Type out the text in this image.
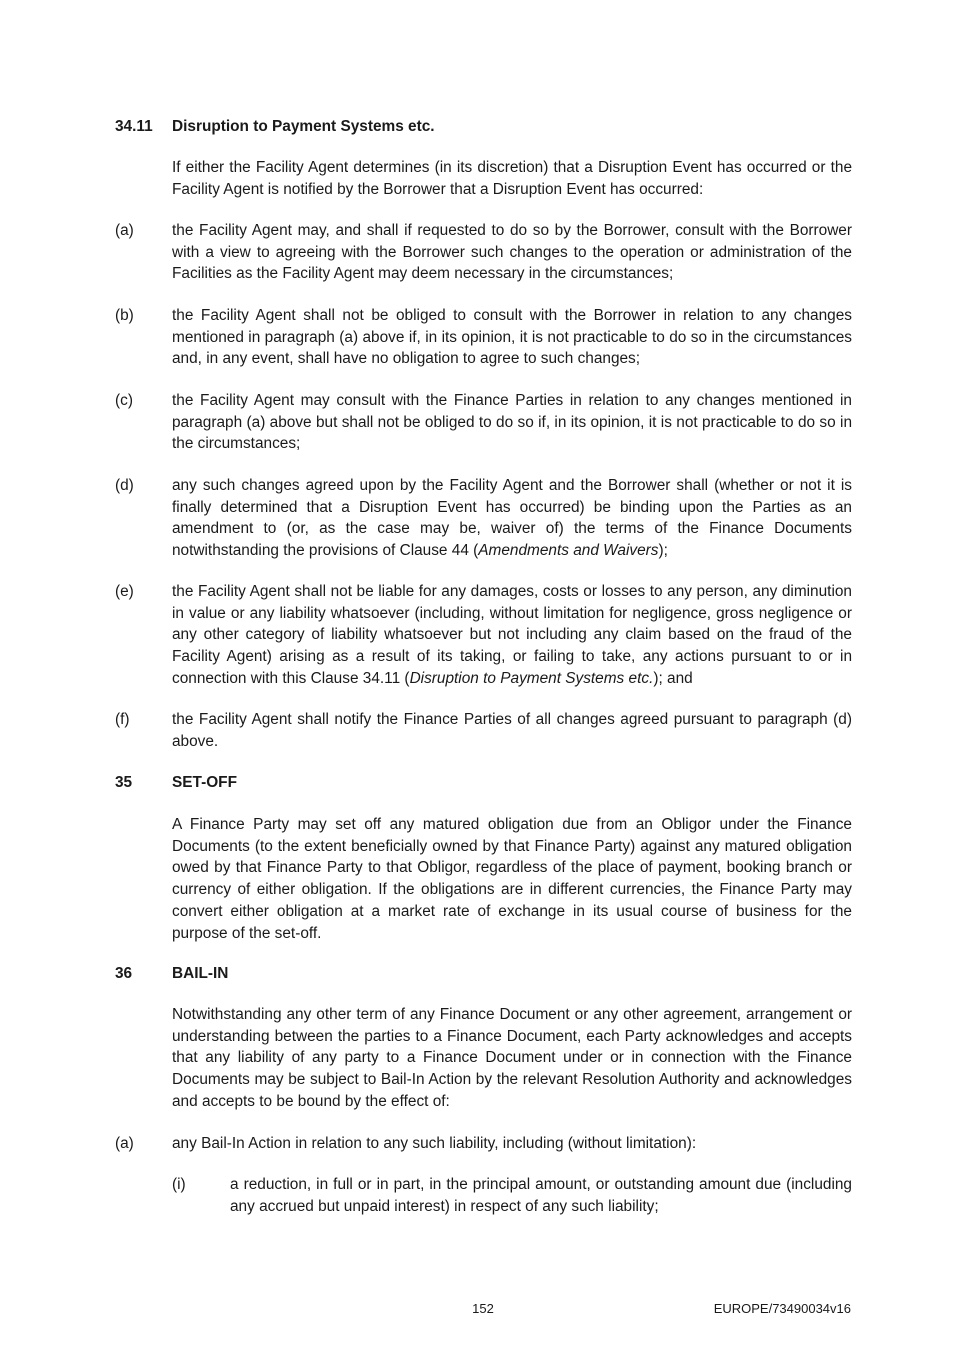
34.11	Disruption to Payment Systems etc.
If either the Facility Agent determines (in its discretion) that a Disruption Event has occurred or the Facility Agent is notified by the Borrower that a Disruption Event has occurred:
(a)	the Facility Agent may, and shall if requested to do so by the Borrower, consult with the Borrower with a view to agreeing with the Borrower such changes to the operation or administration of the Facilities as the Facility Agent may deem necessary in the circumstances;
(b)	the Facility Agent shall not be obliged to consult with the Borrower in relation to any changes mentioned in paragraph (a) above if, in its opinion, it is not practicable to do so in the circumstances and, in any event, shall have no obligation to agree to such changes;
(c)	the Facility Agent may consult with the Finance Parties in relation to any changes mentioned in paragraph (a) above but shall not be obliged to do so if, in its opinion, it is not practicable to do so in the circumstances;
(d)	any such changes agreed upon by the Facility Agent and the Borrower shall (whether or not it is finally determined that a Disruption Event has occurred) be binding upon the Parties as an amendment to (or, as the case may be, waiver of) the terms of the Finance Documents notwithstanding the provisions of Clause 44 (Amendments and Waivers);
(e)	the Facility Agent shall not be liable for any damages, costs or losses to any person, any diminution in value or any liability whatsoever (including, without limitation for negligence, gross negligence or any other category of liability whatsoever but not including any claim based on the fraud of the Facility Agent) arising as a result of its taking, or failing to take, any actions pursuant to or in connection with this Clause 34.11 (Disruption to Payment Systems etc.); and
(f)	the Facility Agent shall notify the Finance Parties of all changes agreed pursuant to paragraph (d) above.
35	SET-OFF
A Finance Party may set off any matured obligation due from an Obligor under the Finance Documents (to the extent beneficially owned by that Finance Party) against any matured obligation owed by that Finance Party to that Obligor, regardless of the place of payment, booking branch or currency of either obligation. If the obligations are in different currencies, the Finance Party may convert either obligation at a market rate of exchange in its usual course of business for the purpose of the set-off.
36	BAIL-IN
Notwithstanding any other term of any Finance Document or any other agreement, arrangement or understanding between the parties to a Finance Document, each Party acknowledges and accepts that any liability of any party to a Finance Document under or in connection with the Finance Documents may be subject to Bail-In Action by the relevant Resolution Authority and acknowledges and accepts to be bound by the effect of:
(a)	any Bail-In Action in relation to any such liability, including (without limitation):
(i)	a reduction, in full or in part, in the principal amount, or outstanding amount due (including any accrued but unpaid interest) in respect of any such liability;
152	EUROPE/73490034v16
